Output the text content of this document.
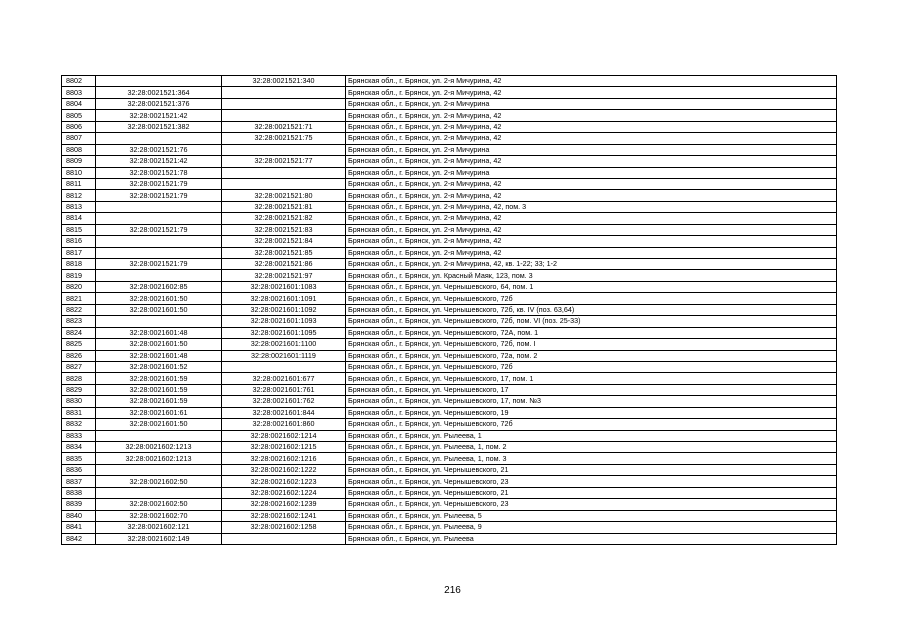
8802		32:28:0021521:340	Брянская обл., г. Брянск, ул. 2-я Мичурина, 42
8803	32:28:0021521:364		Брянская обл., г. Брянск, ул. 2-я Мичурина, 42
8804	32:28:0021521:376		Брянская обл., г. Брянск, ул. 2-я Мичурина
8805	32:28:0021521:42		Брянская обл., г. Брянск, ул. 2-я Мичурина, 42
8806	32:28:0021521:382	32:28:0021521:71	Брянская обл., г. Брянск, ул. 2-я Мичурина, 42
8807		32:28:0021521:75	Брянская обл., г. Брянск, ул. 2-я Мичурина, 42
8808	32:28:0021521:76		Брянская обл., г. Брянск, ул. 2-я Мичурина
8809	32:28:0021521:42	32:28:0021521:77	Брянская обл., г. Брянск, ул. 2-я Мичурина, 42
8810	32:28:0021521:78		Брянская обл., г. Брянск, ул. 2-я Мичурина
8811	32:28:0021521:79		Брянская обл., г. Брянск, ул. 2-я Мичурина, 42
8812	32:28:0021521:79	32:28:0021521:80	Брянская обл., г. Брянск, ул. 2-я Мичурина, 42
8813		32:28:0021521:81	Брянская обл., г. Брянск, ул. 2-я Мичурина, 42, пом. 3
8814		32:28:0021521:82	Брянская обл., г. Брянск, ул. 2-я Мичурина, 42
8815	32:28:0021521:79	32:28:0021521:83	Брянская обл., г. Брянск, ул. 2-я Мичурина, 42
8816		32:28:0021521:84	Брянская обл., г. Брянск, ул. 2-я Мичурина, 42
8817		32:28:0021521:85	Брянская обл., г. Брянск, ул. 2-я Мичурина, 42
8818	32:28:0021521:79	32:28:0021521:86	Брянская обл., г. Брянск, ул. 2-я Мичурина, 42, кв. 1-22; 33; 1-2
8819		32:28:0021521:97	Брянская обл., г. Брянск, ул. Красный Маяк, 123, пом. 3
8820	32:28:0021602:85	32:28:0021601:1083	Брянская обл., г. Брянск, ул. Чернышевского, 64, пом. 1
8821	32:28:0021601:50	32:28:0021601:1091	Брянская обл., г. Брянск, ул. Чернышевского, 72б
8822	32:28:0021601:50	32:28:0021601:1092	Брянская обл., г. Брянск, ул. Чернышевского, 72б, кв. IV (поз. 63,64)
8823		32:28:0021601:1093	Брянская обл., г. Брянск, ул. Чернышевского, 72б, пом. VI (поз. 25-33)
8824	32:28:0021601:48	32:28:0021601:1095	Брянская обл., г. Брянск, ул. Чернышевского, 72А, пом. 1
8825	32:28:0021601:50	32:28:0021601:1100	Брянская обл., г. Брянск, ул. Чернышевского, 72б, пом. I
8826	32:28:0021601:48	32:28:0021601:1119	Брянская обл., г. Брянск, ул. Чернышевского, 72а, пом. 2
8827	32:28:0021601:52		Брянская обл., г. Брянск, ул. Чернышевского, 72б
8828	32:28:0021601:59	32:28:0021601:677	Брянская обл., г. Брянск, ул. Чернышевского, 17, пом. 1
8829	32:28:0021601:59	32:28:0021601:761	Брянская обл., г. Брянск, ул. Чернышевского, 17
8830	32:28:0021601:59	32:28:0021601:762	Брянская обл., г. Брянск, ул. Чернышевского, 17, пом. №3
8831	32:28:0021601:61	32:28:0021601:844	Брянская обл., г. Брянск, ул. Чернышевского, 19
8832	32:28:0021601:50	32:28:0021601:860	Брянская обл., г. Брянск, ул. Чернышевского, 72б
8833		32:28:0021602:1214	Брянская обл., г. Брянск, ул. Рылеева, 1
8834	32:28:0021602:1213	32:28:0021602:1215	Брянская обл., г. Брянск, ул. Рылеева, 1, пом. 2
8835	32:28:0021602:1213	32:28:0021602:1216	Брянская обл., г. Брянск, ул. Рылеева, 1, пом. 3
8836		32:28:0021602:1222	Брянская обл., г. Брянск, ул. Чернышевского, 21
8837	32:28:0021602:50	32:28:0021602:1223	Брянская обл., г. Брянск, ул. Чернышевского, 23
8838		32:28:0021602:1224	Брянская обл., г. Брянск, ул. Чернышевского, 21
8839	32:28:0021602:50	32:28:0021602:1239	Брянская обл., г. Брянск, ул. Чернышевского, 23
8840	32:28:0021602:70	32:28:0021602:1241	Брянская обл., г. Брянск, ул. Рылеева, 5
8841	32:28:0021602:121	32:28:0021602:1258	Брянская обл., г. Брянск, ул. Рылеева, 9
8842	32:28:0021602:149		Брянская обл., г. Брянск, ул. Рылеева
216
